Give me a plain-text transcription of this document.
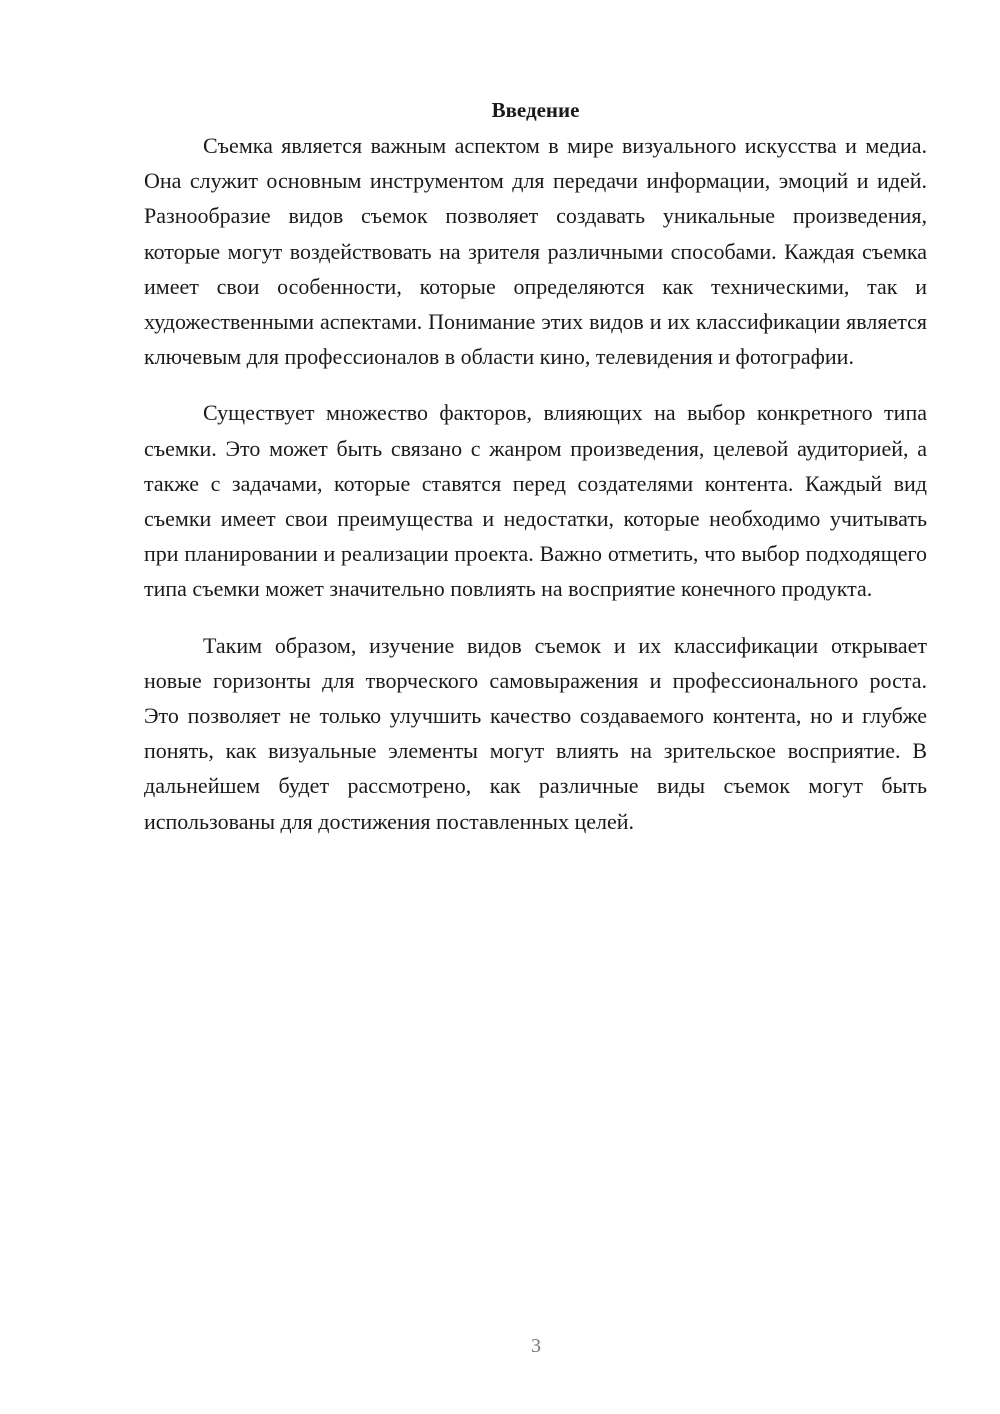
Введение

Съемка является важным аспектом в мире визуального искусства и медиа. Она служит основным инструментом для передачи информации, эмоций и идей. Разнообразие видов съемок позволяет создавать уникальные произведения, которые могут воздействовать на зрителя различными способами. Каждая съемка имеет свои особенности, которые определяются как техническими, так и художественными аспектами. Понимание этих видов и их классификации является ключевым для профессионалов в области кино, телевидения и фотографии.

Существует множество факторов, влияющих на выбор конкретного типа съемки. Это может быть связано с жанром произведения, целевой аудиторией, а также с задачами, которые ставятся перед создателями контента. Каждый вид съемки имеет свои преимущества и недостатки, которые необходимо учитывать при планировании и реализации проекта. Важно отметить, что выбор подходящего типа съемки может значительно повлиять на восприятие конечного продукта.

Таким образом, изучение видов съемок и их классификации открывает новые горизонты для творческого самовыражения и профессионального роста. Это позволяет не только улучшить качество создаваемого контента, но и глубже понять, как визуальные элементы могут влиять на зрительское восприятие. В дальнейшем будет рассмотрено, как различные виды съемок могут быть использованы для достижения поставленных целей.

3
